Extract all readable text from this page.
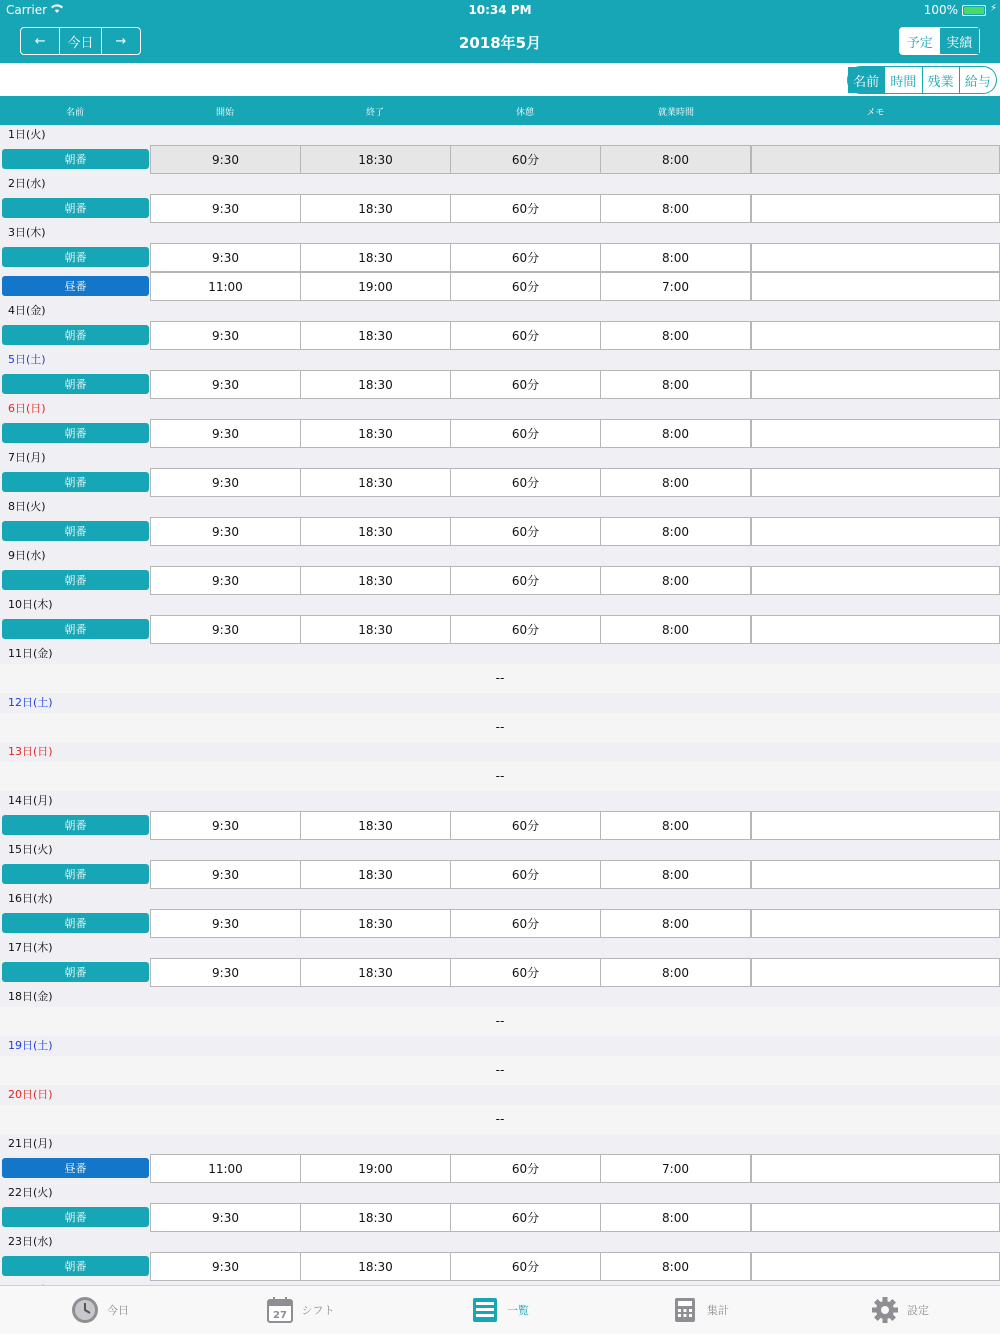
Carrier	10:34 PM	100%	⚡
←	今日	→	2018年5月	予定	実績
名前 時間 残業 給与
名前	開始	終了	休憩	就業時間	メモ
1日(火)
朝番	9:30	18:30	60分	8:00
2日(水)
朝番	9:30	18:30	60分	8:00
3日(木)
朝番	9:30	18:30	60分	8:00
昼番	11:00	19:00	60分	7:00
4日(金)
朝番	9:30	18:30	60分	8:00
5日(土)
朝番	9:30	18:30	60分	8:00
6日(日)
朝番	9:30	18:30	60分	8:00
7日(月)
朝番	9:30	18:30	60分	8:00
8日(火)
朝番	9:30	18:30	60分	8:00
9日(水)
朝番	9:30	18:30	60分	8:00
10日(木)
朝番	9:30	18:30	60分	8:00
11日(金)
--
12日(土)
--
13日(日)
--
14日(月)
朝番	9:30	18:30	60分	8:00
15日(火)
朝番	9:30	18:30	60分	8:00
16日(水)
朝番	9:30	18:30	60分	8:00
17日(木)
朝番	9:30	18:30	60分	8:00
18日(金)
--
19日(土)
--
20日(日)
--
21日(月)
昼番	11:00	19:00	60分	7:00
22日(火)
朝番	9:30	18:30	60分	8:00
23日(水)
朝番	9:30	18:30	60分	8:00
今日	27 シフト	一覧	集計	設定
